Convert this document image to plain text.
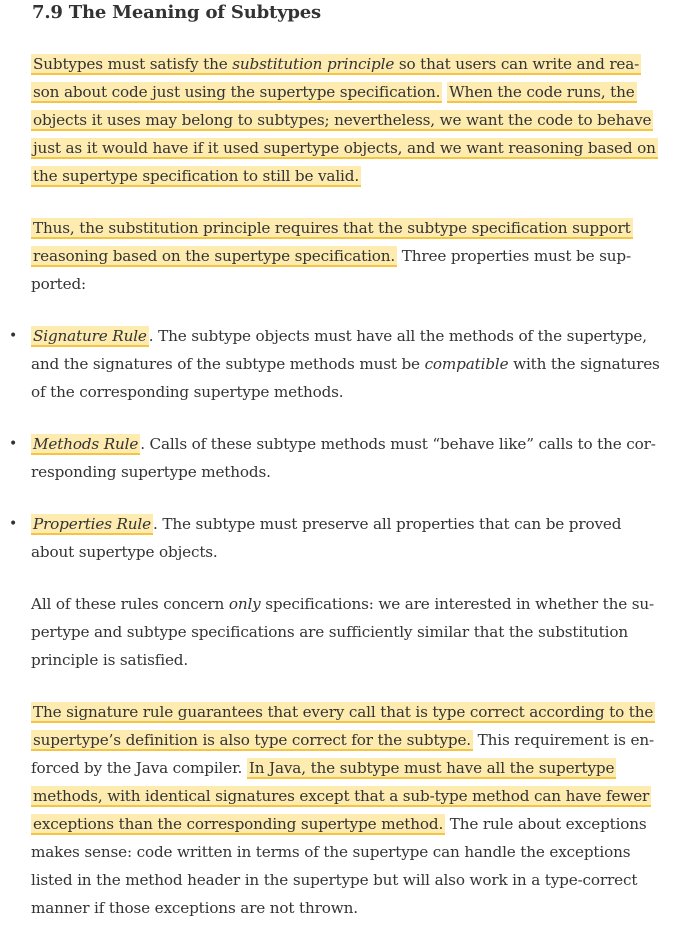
7.9 The Meaning of Subtypes

Subtypes must satisfy the substitution principle so that users can write and rea-son about code just using the supertype specification. When the code runs, the objects it uses may belong to subtypes; nevertheless, we want the code to behave just as it would have if it used supertype objects, and we want reasoning based on the supertype specification to still be valid.

Thus, the substitution principle requires that the subtype specification support reasoning based on the supertype specification. Three properties must be sup-ported:

• Signature Rule . The subtype objects must have all the methods of the supertype, and the signatures of the subtype methods must be compatible with the signatures of the corresponding supertype methods.

• Methods Rule . Calls of these subtype methods must “behave like” calls to the cor-responding supertype methods.

• Properties Rule . The subtype must preserve all properties that can be proved about supertype objects.

All of these rules concern only specifications: we are interested in whether the su-pertype and subtype specifications are sufficiently similar that the substitution principle is satisfied.

The signature rule guarantees that every call that is type correct according to the supertype’s definition is also type correct for the subtype. This requirement is en-forced by the Java compiler. In Java, the subtype must have all the supertype methods, with identical signatures except that a sub-type method can have fewer exceptions than the corresponding supertype method. The rule about exceptions makes sense: code written in terms of the supertype can handle the exceptions listed in the method header in the supertype but will also work in a type-correct manner if those exceptions are not thrown.
